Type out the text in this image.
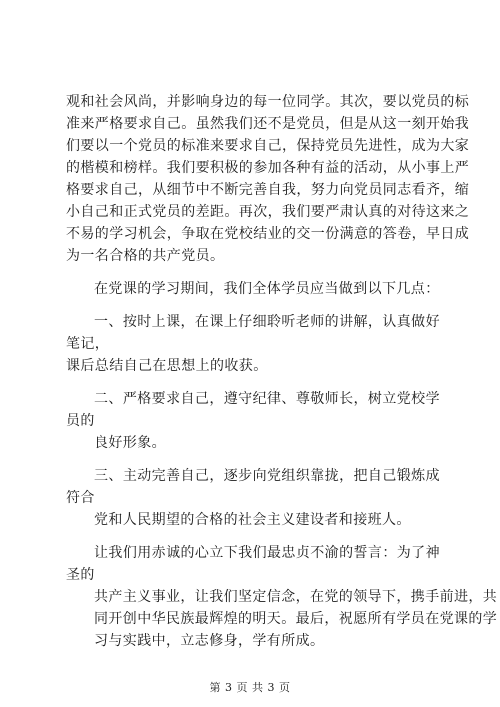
观和社会风尚，并影响身边的每一位同学。其次，要以党员的标
准来严格要求自己。虽然我们还不是党员，但是从这一刻开始我
们要以一个党员的标准来要求自己，保持党员先进性，成为大家
的楷模和榜样。我们要积极的参加各种有益的活动，从小事上严
格要求自己，从细节中不断完善自我，努力向党员同志看齐，缩
小自己和正式党员的差距。再次，我们要严肃认真的对待这来之
不易的学习机会，争取在党校结业的交一份满意的答卷，早日成
为一名合格的共产党员。

在党课的学习期间，我们全体学员应当做到以下几点：

一、按时上课，在课上仔细聆听老师的讲解，认真做好笔记，

课后总结自己在思想上的收获。

二、严格要求自己，遵守纪律、尊敬师长，树立党校学员的

良好形象。

三、主动完善自己，逐步向党组织靠拢，把自己锻炼成符合

党和人民期望的合格的社会主义建设者和接班人。

让我们用赤诚的心立下我们最忠贞不渝的誓言：为了神圣的

共产主义事业，让我们坚定信念，在党的领导下，携手前进，共
同开创中华民族最辉煌的明天。最后，祝愿所有学员在党课的学
习与实践中，立志修身，学有所成。

第 3 页 共 3 页
